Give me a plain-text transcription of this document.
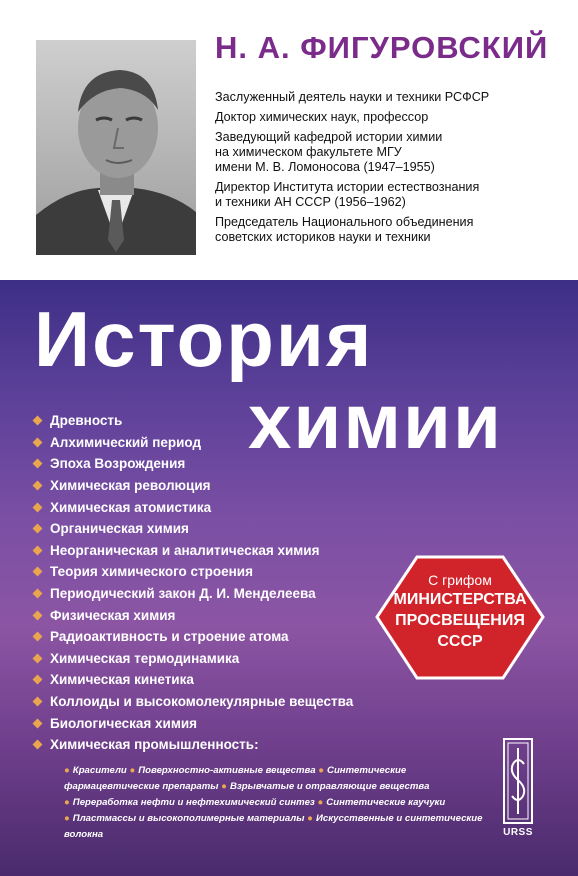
Н. А. ФИГУРОВСКИЙ
Заслуженный деятель науки и техники РСФСР
Доктор химических наук, профессор
Заведующий кафедрой истории химии
на химическом факультете МГУ
имени М. В. Ломоносова (1947–1955)
Директор Института истории естествознания
и техники АН СССР (1956–1962)
Председатель Национального объединения
советских историков науки и техники
История
химии
Древность
Алхимический период
Эпоха Возрождения
Химическая революция
Химическая атомистика
Органическая химия
Неорганическая и аналитическая химия
Теория химического строения
Периодический закон Д. И. Менделеева
Физическая химия
Радиоактивность и строение атома
Химическая термодинамика
Химическая кинетика
Коллоиды и высокомолекулярные вещества
Биологическая химия
Химическая промышленность:
● Красители ● Поверхностно-активные вещества ● Синтетические фармацевтические препараты ● Взрывчатые и отравляющие вещества ● Переработка нефти и нефтехимический синтез ● Синтетические каучуки ● Пластмассы и высокополимерные материалы ● Искусственные и синтетические волокна
С грифом
МИНИСТЕРСТВА
ПРОСВЕЩЕНИЯ
СССР
URSS
